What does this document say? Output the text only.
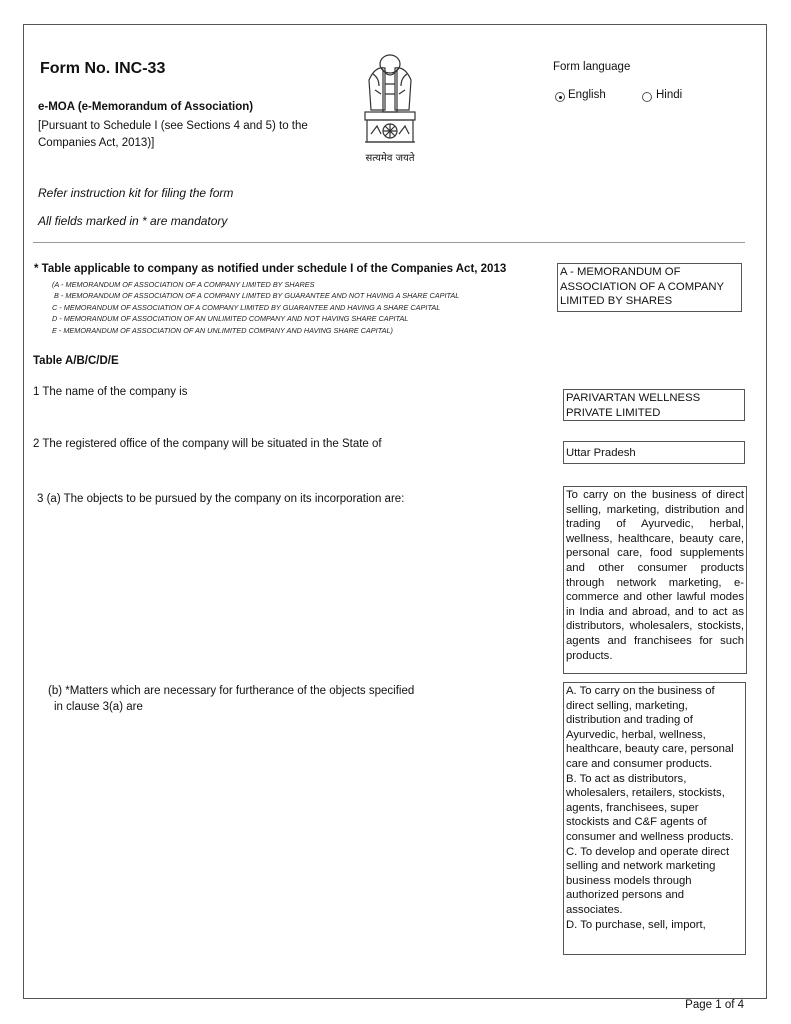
Form No. INC-33
e-MOA (e-Memorandum of Association)
[Pursuant to Schedule I (see Sections 4 and 5) to the Companies Act, 2013)]
सत्यमेव जयते
Form language
English	Hindi
Refer instruction kit for filing the form
All fields marked in * are mandatory
* Table applicable to company as notified under schedule I of the Companies Act, 2013
(A - MEMORANDUM OF ASSOCIATION OF A COMPANY LIMITED BY SHARES
B - MEMORANDUM OF ASSOCIATION OF A COMPANY LIMITED BY GUARANTEE AND NOT HAVING A SHARE CAPITAL
C - MEMORANDUM OF ASSOCIATION OF A COMPANY LIMITED BY GUARANTEE AND HAVING A SHARE CAPITAL
D - MEMORANDUM OF ASSOCIATION OF AN UNLIMITED COMPANY AND NOT HAVING SHARE CAPITAL
E - MEMORANDUM OF ASSOCIATION OF AN UNLIMITED COMPANY AND HAVING SHARE CAPITAL)
A - MEMORANDUM OF ASSOCIATION OF A COMPANY LIMITED BY SHARES
Table A/B/C/D/E
1 The name of the company is	PARIVARTAN WELLNESS PRIVATE LIMITED
2 The registered office of the company will be situated in the State of
Uttar Pradesh
3 (a) The objects to be pursued by the company on its incorporation are:	To carry on the business of direct selling, marketing, distribution and trading of Ayurvedic, herbal, wellness, healthcare, beauty care, personal care, food supplements and other consumer products through network marketing, e-commerce and other lawful modes in India and abroad, and to act as distributors, wholesalers, stockists, agents and franchisees for such products.
(b) *Matters which are necessary for furtherance of the objects specified
in clause 3(a) are
A. To carry on the business of direct selling, marketing, distribution and trading of Ayurvedic, herbal, wellness, healthcare, beauty care, personal care and consumer products.
B. To act as distributors, wholesalers, retailers, stockists, agents, franchisees, super stockists and C&F agents of consumer and wellness products.
C. To develop and operate direct selling and network marketing business models through authorized persons and associates.
D. To purchase, sell, import,
Page 1 of 4
